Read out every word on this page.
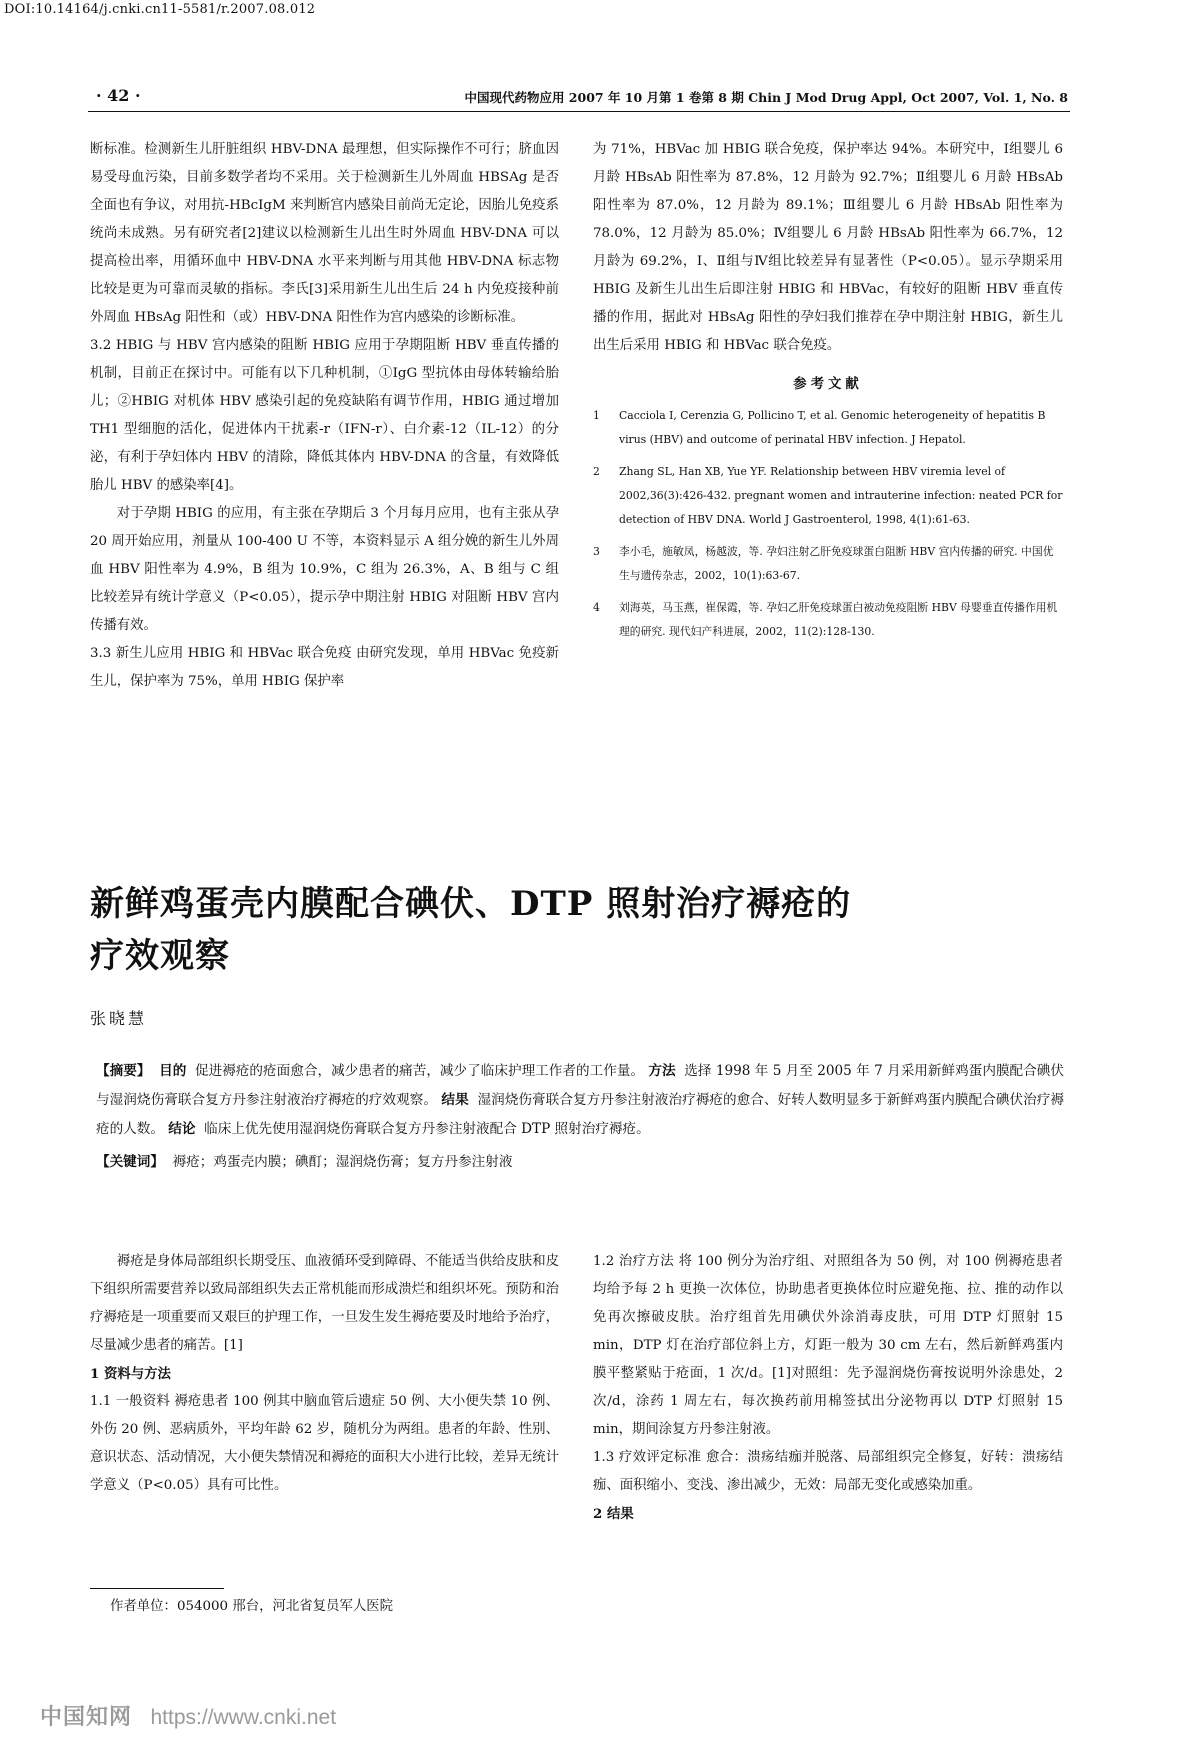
DOI:10.14164/j.cnki.cn11-5581/r.2007.08.012
· 42 ·	中国现代药物应用 2007 年 10 月第 1 卷第 8 期 Chin J Mod Drug Appl, Oct 2007, Vol. 1, No. 8

断标准。检测新生儿肝脏组织 HBV-DNA 最理想，但实际操作不可行；脐血因易受母血污染，目前多数学者均不采用。关于检测新生儿外周血 HBSAg 是否全面也有争议，对用抗-HBcIgM 来判断宫内感染目前尚无定论，因胎儿免疫系统尚未成熟。另有研究者[2]建议以检测新生儿出生时外周血 HBV-DNA 可以提高检出率，用循环血中 HBV-DNA 水平来判断与用其他 HBV-DNA 标志物比较是更为可靠而灵敏的指标。李氏[3]采用新生儿出生后 24 h 内免疫接种前外周血 HBsAg 阳性和（或）HBV-DNA 阳性作为宫内感染的诊断标准。

3.2 HBIG 与 HBV 宫内感染的阻断 HBIG 应用于孕期阻断 HBV 垂直传播的机制，目前正在探讨中。可能有以下几种机制，①IgG 型抗体由母体转输给胎儿；②HBIG 对机体 HBV 感染引起的免疫缺陷有调节作用，HBIG 通过增加 TH1 型细胞的活化，促进体内干扰素-r（IFN-r）、白介素-12（IL-12）的分泌，有利于孕妇体内 HBV 的清除，降低其体内 HBV-DNA 的含量，有效降低胎儿 HBV 的感染率[4]。

对于孕期 HBIG 的应用，有主张在孕期后 3 个月每月应用，也有主张从孕 20 周开始应用，剂量从 100-400 U 不等，本资料显示 A 组分娩的新生儿外周血 HBV 阳性率为 4.9%，B 组为 10.9%，C 组为 26.3%，A、B 组与 C 组比较差异有统计学意义（P<0.05），提示孕中期注射 HBIG 对阻断 HBV 宫内传播有效。

3.3 新生儿应用 HBIG 和 HBVac 联合免疫 由研究发现，单用 HBVac 免疫新生儿，保护率为 75%，单用 HBIG 保护率

为 71%，HBVac 加 HBIG 联合免疫，保护率达 94%。本研究中，Ⅰ组婴儿 6 月龄 HBsAb 阳性率为 87.8%，12 月龄为 92.7%；Ⅱ组婴儿 6 月龄 HBsAb 阳性率为 87.0%，12 月龄为 89.1%；Ⅲ组婴儿 6 月龄 HBsAb 阳性率为 78.0%，12 月龄为 85.0%；Ⅳ组婴儿 6 月龄 HBsAb 阳性率为 66.7%，12 月龄为 69.2%，Ⅰ、Ⅱ组与Ⅳ组比较差异有显著性（P<0.05）。显示孕期采用 HBIG 及新生儿出生后即注射 HBIG 和 HBVac，有较好的阻断 HBV 垂直传播的作用，据此对 HBsAg 阳性的孕妇我们推荐在孕中期注射 HBIG，新生儿出生后采用 HBIG 和 HBVac 联合免疫。

参考文献

1 Cacciola I, Cerenzia G, Pollicino T, et al. Genomic heterogeneity of hepatitis B virus (HBV) and outcome of perinatal HBV infection. J Hepatol.
2 Zhang SL, Han XB, Yue YF. Relationship between HBV viremia level of 2002,36(3):426-432. pregnant women and intrauterine infection: neated PCR for detection of HBV DNA. World J Gastroenterol, 1998, 4(1):61-63.
3 李小毛，施敏凤，杨越波，等. 孕妇注射乙肝免疫球蛋白阻断 HBV 宫内传播的研究. 中国优生与遗传杂志，2002，10(1):63-67.
4 刘海英，马玉燕，崔保霞，等. 孕妇乙肝免疫球蛋白被动免疫阻断 HBV 母婴垂直传播作用机理的研究. 现代妇产科进展，2002，11(2):128-130.
新鲜鸡蛋壳内膜配合碘伏、DTP 照射治疗褥疮的
疗效观察
张晓慧

【摘要】 目的 促进褥疮的疮面愈合，减少患者的痛苦，减少了临床护理工作者的工作量。 方法 选择 1998 年 5 月至 2005 年 7 月采用新鲜鸡蛋内膜配合碘伏与湿润烧伤膏联合复方丹参注射液治疗褥疮的疗效观察。 结果 湿润烧伤膏联合复方丹参注射液治疗褥疮的愈合、好转人数明显多于新鲜鸡蛋内膜配合碘伏治疗褥疮的人数。 结论 临床上优先使用湿润烧伤膏联合复方丹参注射液配合 DTP 照射治疗褥疮。

【关键词】 褥疮；鸡蛋壳内膜；碘酊；湿润烧伤膏；复方丹参注射液

褥疮是身体局部组织长期受压、血液循环受到障碍、不能适当供给皮肤和皮下组织所需要营养以致局部组织失去正常机能而形成溃烂和组织坏死。预防和治疗褥疮是一项重要而又艰巨的护理工作，一旦发生发生褥疮要及时地给予治疗，尽量减少患者的痛苦。[1]

1 资料与方法

1.1 一般资料 褥疮患者 100 例其中脑血管后遗症 50 例、大小便失禁 10 例、外伤 20 例、恶病质外，平均年龄 62 岁，随机分为两组。患者的年龄、性别、意识状态、活动情况，大小便失禁情况和褥疮的面积大小进行比较，差异无统计学意义（P<0.05）具有可比性。

1.2 治疗方法 将 100 例分为治疗组、对照组各为 50 例，对 100 例褥疮患者均给予每 2 h 更换一次体位，协助患者更换体位时应避免拖、拉、推的动作以免再次擦破皮肤。治疗组首先用碘伏外涂消毒皮肤，可用 DTP 灯照射 15 min，DTP 灯在治疗部位斜上方，灯距一般为 30 cm 左右，然后新鲜鸡蛋内膜平整紧贴于疮面，1 次/d。[1]对照组：先予湿润烧伤膏按说明外涂患处，2 次/d，涂药 1 周左右，每次换药前用棉签拭出分泌物再以 DTP 灯照射 15 min，期间涂复方丹参注射液。

1.3 疗效评定标准 愈合：溃疡结痂并脱落、局部组织完全修复，好转：溃疡结痂、面积缩小、变浅、渗出减少，无效：局部无变化或感染加重。

2 结果

作者单位：054000 邢台，河北省复员军人医院
中国知网 https://www.cnki.net
